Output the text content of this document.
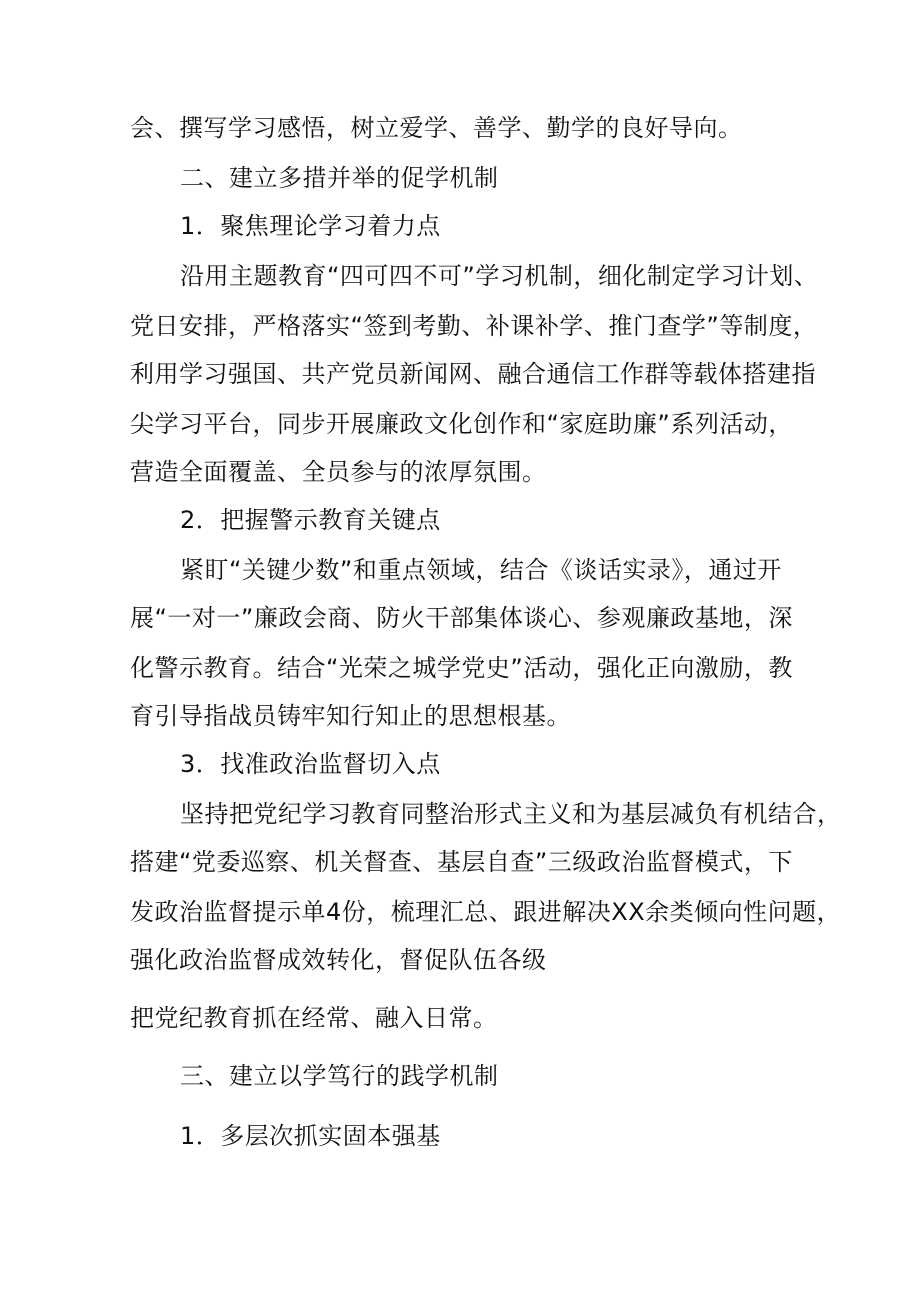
会、撰写学习感悟，树立爱学、善学、勤学的良好导向。
二、建立多措并举的促学机制
1．聚焦理论学习着力点
沿用主题教育“四可四不可”学习机制，细化制定学习计划、
党日安排，严格落实“签到考勤、补课补学、推门查学”等制度，
利用学习强国、共产党员新闻网、融合通信工作群等载体搭建指
尖学习平台，同步开展廉政文化创作和“家庭助廉”系列活动，
营造全面覆盖、全员参与的浓厚氛围。
2．把握警示教育关键点
紧盯“关键少数”和重点领域，结合《谈话实录》，通过开
展“一对一”廉政会商、防火干部集体谈心、参观廉政基地，深
化警示教育。结合“光荣之城学党史”活动，强化正向激励，教
育引导指战员铸牢知行知止的思想根基。
3．找准政治监督切入点
坚持把党纪学习教育同整治形式主义和为基层减负有机结合，
搭建“党委巡察、机关督查、基层自查”三级政治监督模式，下
发政治监督提示单4份，梳理汇总、跟进解决XX余类倾向性问题，
强化政治监督成效转化，督促队伍各级
把党纪教育抓在经常、融入日常。
三、建立以学笃行的践学机制
1．多层次抓实固本强基
